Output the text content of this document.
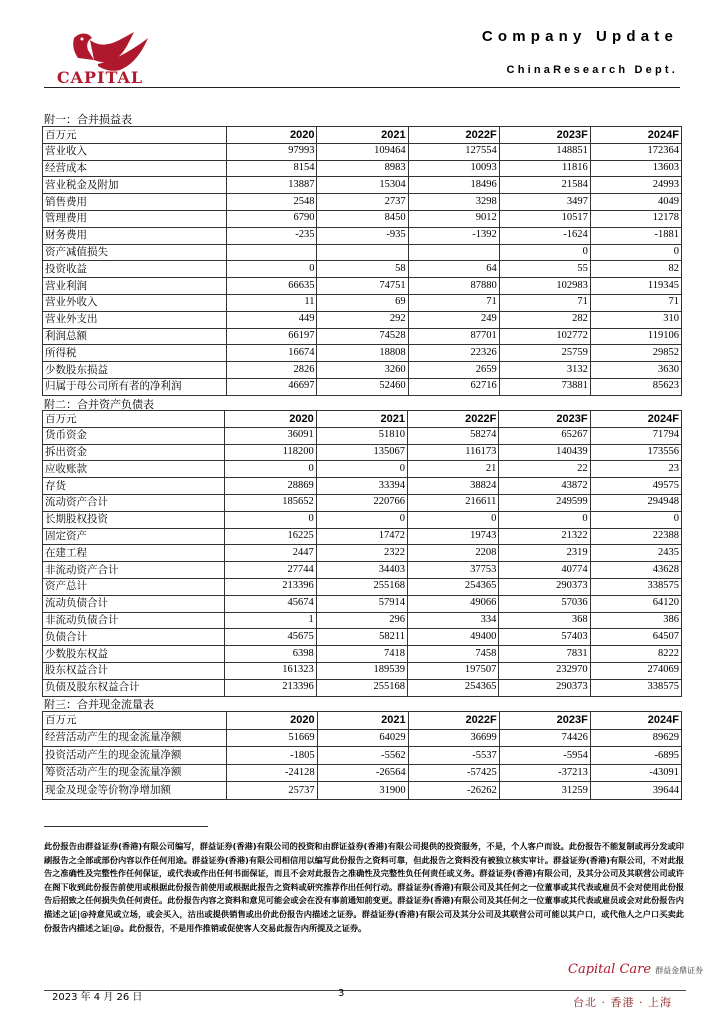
CAPITAL
Company Update
ChinaResearch Dept.
附一：合并损益表
百万元	2020	2021	2022F	2023F	2024F
营业收入	97993	109464	127554	148851	172364
经营成本	8154	8983	10093	11816	13603
营业税金及附加	13887	15304	18496	21584	24993
销售费用	2548	2737	3298	3497	4049
管理费用	6790	8450	9012	10517	12178
财务费用	-235	-935	-1392	-1624	-1881
资产减值损失				0	0
投资收益	0	58	64	55	82
营业利润	66635	74751	87880	102983	119345
营业外收入	11	69	71	71	71
营业外支出	449	292	249	282	310
利润总额	66197	74528	87701	102772	119106
所得税	16674	18808	22326	25759	29852
少数股东损益	2826	3260	2659	3132	3630
归属于母公司所有者的净利润	46697	52460	62716	73881	85623
附二：合并资产负债表
百万元	2020	2021	2022F	2023F	2024F
货币资金	36091	51810	58274	65267	71794
拆出资金	118200	135067	116173	140439	173556
应收账款	0	0	21	22	23
存货	28869	33394	38824	43872	49575
流动资产合计	185652	220766	216611	249599	294948
长期股权投资	0	0	0	0	0
固定资产	16225	17472	19743	21322	22388
在建工程	2447	2322	2208	2319	2435
非流动资产合计	27744	34403	37753	40774	43628
资产总计	213396	255168	254365	290373	338575
流动负债合计	45674	57914	49066	57036	64120
非流动负债合计	1	296	334	368	386
负债合计	45675	58211	49400	57403	64507
少数股东权益	6398	7418	7458	7831	8222
股东权益合计	161323	189539	197507	232970	274069
负债及股东权益合计	213396	255168	254365	290373	338575
附三：合并现金流量表
百万元	2020	2021	2022F	2023F	2024F
经营活动产生的现金流量净额	51669	64029	36699	74426	89629
投资活动产生的现金流量净额	-1805	-5562	-5537	-5954	-6895
筹资活动产生的现金流量净额	-24128	-26564	-57425	-37213	-43091
现金及现金等价物净增加额	25737	31900	-26262	31259	39644
此份报告由群益证券(香港)有限公司编写，群益证券(香港)有限公司的投资和由群证益券(香港)有限公司提供的投资服务，不是，个人客户而设。此份报告不能复制或再分发或印刷报告之全部或部份内容以作任何用途。群益证券(香港)有限公司相信用以编写此份报告之资料可靠，但此报告之资料没有被独立核实审计。群益证券(香港)有限公司，不对此报告之准确性及完整性作任何保证，或代表或作出任何书面保证，而且不会对此报告之准确性及完整性负任何责任或义务。群益证券(香港)有限公司，及其分公司及其联营公司或许在阁下收到此份报告前使用或根据此份报告前使用或根据此报告之资料或研究推荐作出任何行动。群益证券(香港)有限公司及其任何之一位董事或其代表或雇员不会对使用此份报告后招致之任何损失负任何责任。此份报告内容之资料和意见可能会或会在没有事前通知前变更。群益证券(香港)有限公司及其任何之一位董事或其代表或雇员或会对此份报告内描述之证|@持意见或立场，或会买入，沽出或提供销售或出价此份报告内描述之证券。群益证券(香港)有限公司及其分公司及其联营公司可能以其户口，或代他人之户口买卖此份报告内描述之证|@。此份报告，不是用作推销或促使客人交易此报告内所提及之证券。
Capital Care 群益金鼎证券
2023 年 4 月 26 日	3
台北 · 香港 · 上海
